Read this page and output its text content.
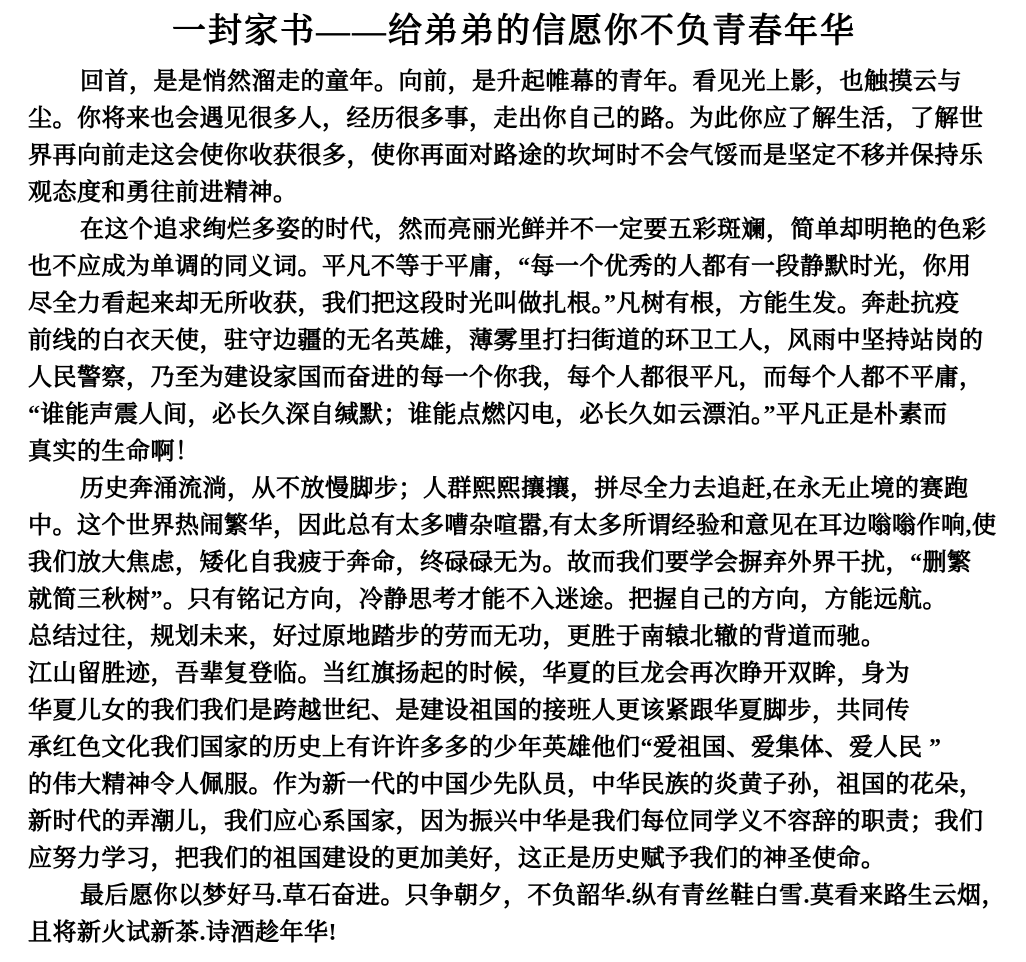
一封家书——给弟弟的信愿你不负青春年华
回首，是是悄然溜走的童年。向前，是升起帷幕的青年。看见光上影，也触摸云与
尘。你将来也会遇见很多人，经历很多事，走出你自己的路。为此你应了解生活，了解世
界再向前走这会使你收获很多，使你再面对路途的坎坷时不会气馁而是坚定不移并保持乐
观态度和勇往前进精神。
在这个追求绚烂多姿的时代，然而亮丽光鲜并不一定要五彩斑斓，简单却明艳的色彩
也不应成为单调的同义词。平凡不等于平庸，“每一个优秀的人都有一段静默时光，你用
尽全力看起来却无所收获，我们把这段时光叫做扎根。”凡树有根，方能生发。奔赴抗疫
前线的白衣天使，驻守边疆的无名英雄，薄雾里打扫街道的环卫工人，风雨中坚持站岗的
人民警察，乃至为建设家国而奋进的每一个你我，每个人都很平凡，而每个人都不平庸，
“谁能声震人间，必长久深自缄默；谁能点燃闪电，必长久如云漂泊。”平凡正是朴素而
真实的生命啊！
历史奔涌流淌，从不放慢脚步；人群熙熙攘攘，拼尽全力去追赶,在永无止境的赛跑
中。这个世界热闹繁华，因此总有太多嘈杂喧嚣,有太多所谓经验和意见在耳边嗡嗡作响,使
我们放大焦虑，矮化自我疲于奔命，终碌碌无为。故而我们要学会摒弃外界干扰，“删繁
就简三秋树”。只有铭记方向，冷静思考才能不入迷途。把握自己的方向，方能远航。
总结过往，规划未来，好过原地踏步的劳而无功，更胜于南辕北辙的背道而驰。
江山留胜迹，吾辈复登临。当红旗扬起的时候，华夏的巨龙会再次睁开双眸，身为
华夏儿女的我们我们是跨越世纪、是建设祖国的接班人更该紧跟华夏脚步，共同传
承红色文化我们国家的历史上有许许多多的少年英雄他们“爱祖国、爱集体、爱人民 ”
的伟大精神令人佩服。作为新一代的中国少先队员，中华民族的炎黄子孙，祖国的花朵，
新时代的弄潮儿，我们应心系国家，因为振兴中华是我们每位同学义不容辞的职责；我们
应努力学习，把我们的祖国建设的更加美好，这正是历史赋予我们的神圣使命。
最后愿你以梦好马.草石奋进。只争朝夕，不负韶华.纵有青丝鞋白雪.莫看来路生云烟，
且将新火试新茶.诗酒趁年华!
